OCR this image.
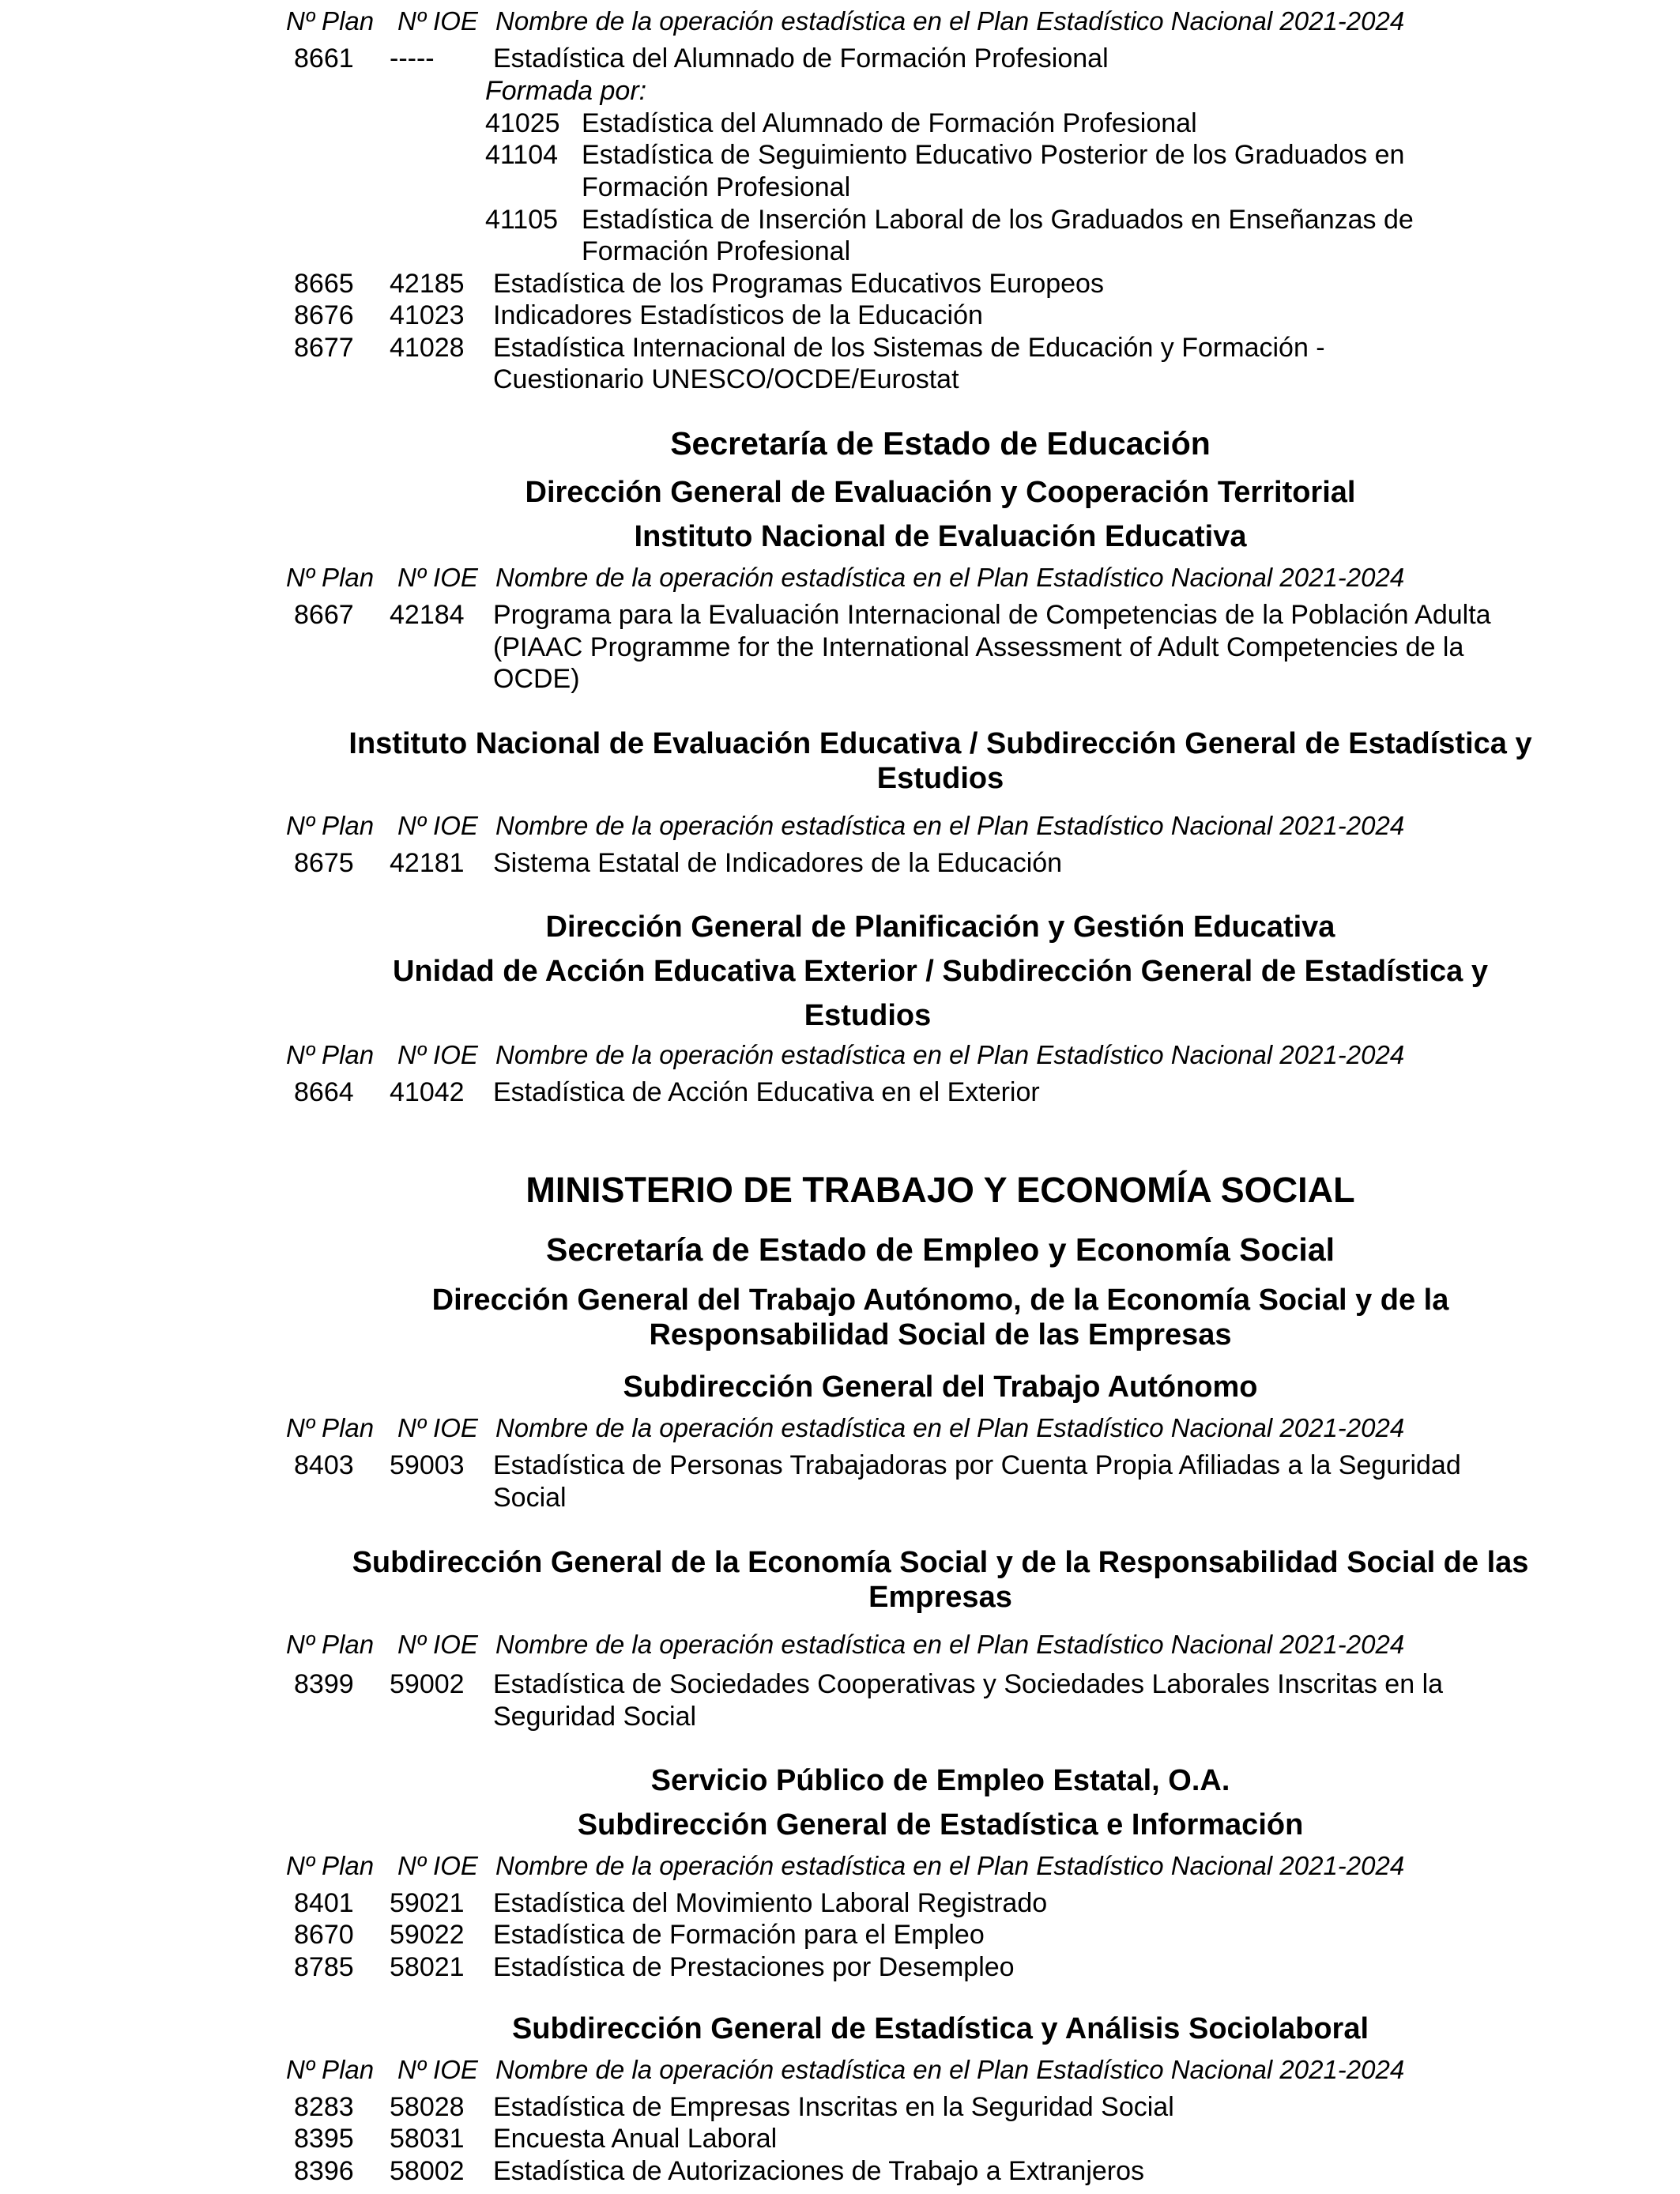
Nº Plan Nº IOE Nombre de la operación estadística en el Plan Estadístico Nacional 2021-2024
8661 ----- Estadística del Alumnado de Formación Profesional
Formada por:
41025 Estadística del Alumnado de Formación Profesional
41104 Estadística de Seguimiento Educativo Posterior de los Graduados en
Formación Profesional
41105 Estadística de Inserción Laboral de los Graduados en Enseñanzas de
Formación Profesional
8665 42185 Estadística de los Programas Educativos Europeos
8676 41023 Indicadores Estadísticos de la Educación
8677 41028 Estadística Internacional de los Sistemas de Educación y Formación -
Cuestionario UNESCO/OCDE/Eurostat
Secretaría de Estado de Educación
Dirección General de Evaluación y Cooperación Territorial
Instituto Nacional de Evaluación Educativa
Nº Plan Nº IOE Nombre de la operación estadística en el Plan Estadístico Nacional 2021-2024
8667 42184 Programa para la Evaluación Internacional de Competencias de la Población Adulta
(PIAAC Programme for the International Assessment of Adult Competencies de la
OCDE)
Instituto Nacional de Evaluación Educativa / Subdirección General de Estadística y
Estudios
Nº Plan Nº IOE Nombre de la operación estadística en el Plan Estadístico Nacional 2021-2024
8675 42181 Sistema Estatal de Indicadores de la Educación
Dirección General de Planificación y Gestión Educativa
Unidad de Acción Educativa Exterior / Subdirección General de Estadística y
Estudios
Nº Plan Nº IOE Nombre de la operación estadística en el Plan Estadístico Nacional 2021-2024
8664 41042 Estadística de Acción Educativa en el Exterior
MINISTERIO DE TRABAJO Y ECONOMÍA SOCIAL
Secretaría de Estado de Empleo y Economía Social
Dirección General del Trabajo Autónomo, de la Economía Social y de la
Responsabilidad Social de las Empresas
Subdirección General del Trabajo Autónomo
Nº Plan Nº IOE Nombre de la operación estadística en el Plan Estadístico Nacional 2021-2024
8403 59003 Estadística de Personas Trabajadoras por Cuenta Propia Afiliadas a la Seguridad
Social
Subdirección General de la Economía Social y de la Responsabilidad Social de las
Empresas
Nº Plan Nº IOE Nombre de la operación estadística en el Plan Estadístico Nacional 2021-2024
8399 59002 Estadística de Sociedades Cooperativas y Sociedades Laborales Inscritas en la
Seguridad Social
Servicio Público de Empleo Estatal, O.A.
Subdirección General de Estadística e Información
Nº Plan Nº IOE Nombre de la operación estadística en el Plan Estadístico Nacional 2021-2024
8401 59021 Estadística del Movimiento Laboral Registrado
8670 59022 Estadística de Formación para el Empleo
8785 58021 Estadística de Prestaciones por Desempleo
Subdirección General de Estadística y Análisis Sociolaboral
Nº Plan Nº IOE Nombre de la operación estadística en el Plan Estadístico Nacional 2021-2024
8283 58028 Estadística de Empresas Inscritas en la Seguridad Social
8395 58031 Encuesta Anual Laboral
8396 58002 Estadística de Autorizaciones de Trabajo a Extranjeros
